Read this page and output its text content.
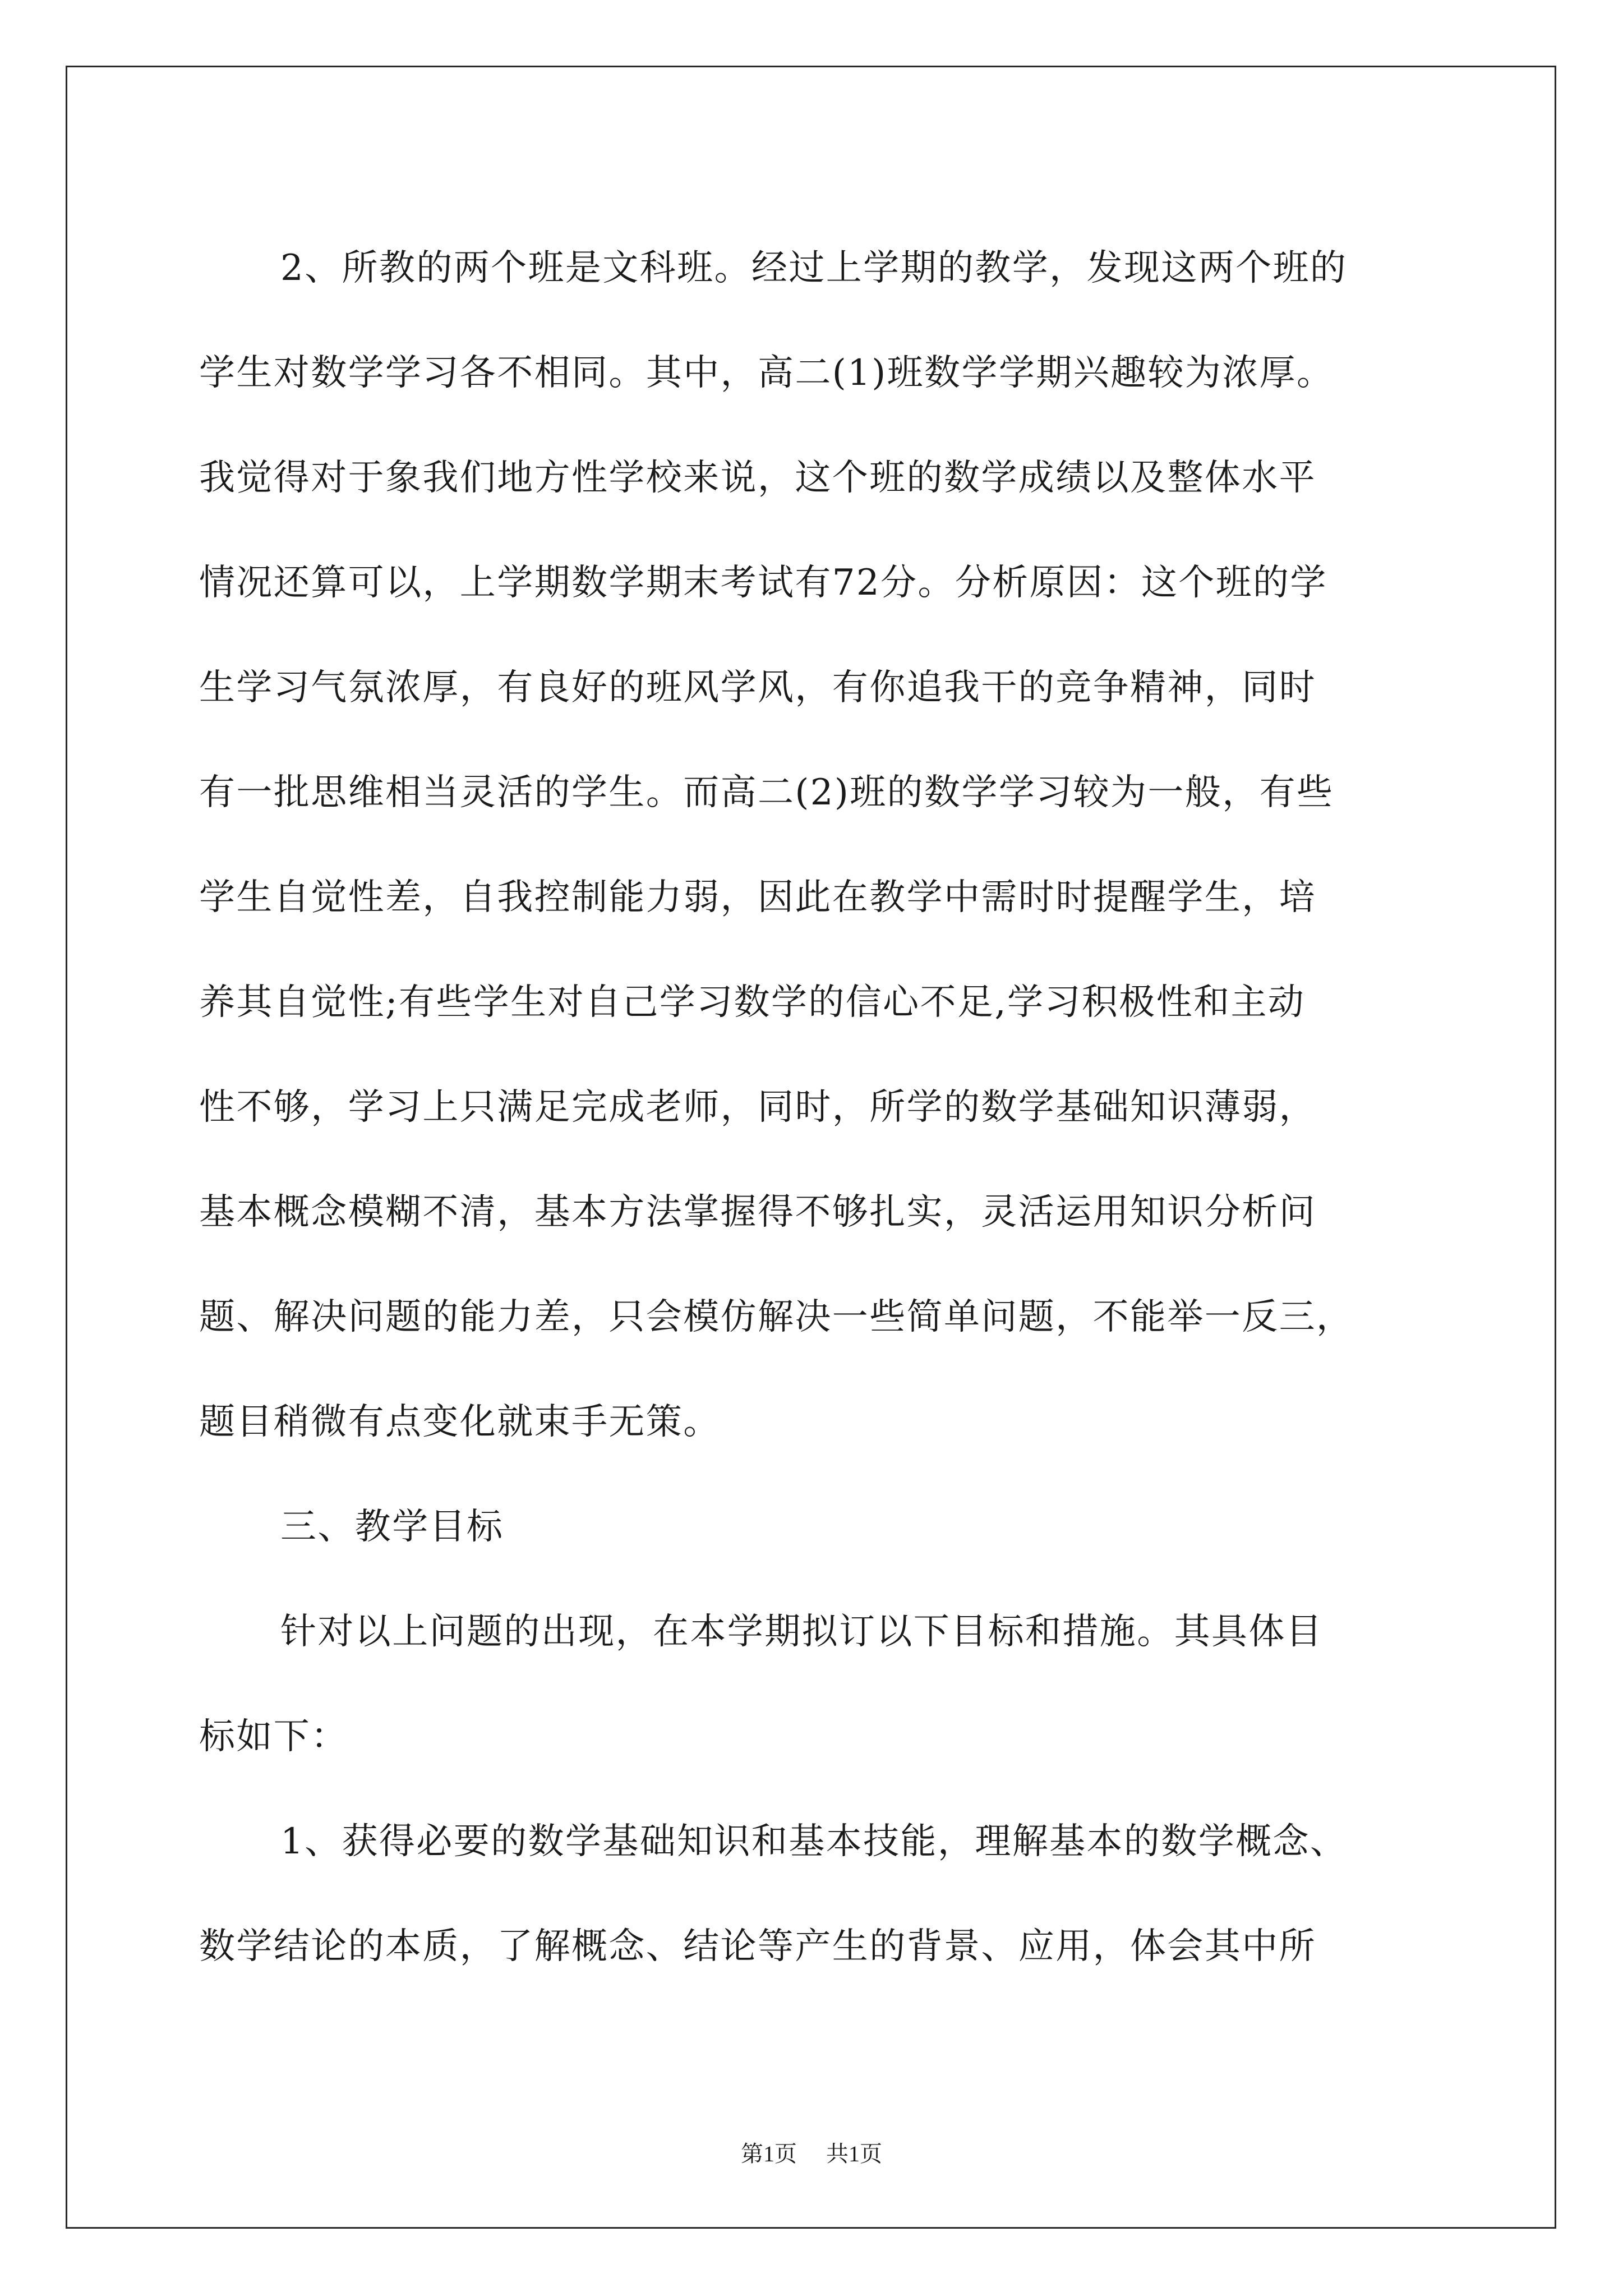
2、所教的两个班是文科班。经过上学期的教学，发现这两个班的
学生对数学学习各不相同。其中，高二(1)班数学学期兴趣较为浓厚。
我觉得对于象我们地方性学校来说，这个班的数学成绩以及整体水平
情况还算可以，上学期数学期末考试有72分。分析原因：这个班的学
生学习气氛浓厚，有良好的班风学风，有你追我干的竞争精神，同时
有一批思维相当灵活的学生。而高二(2)班的数学学习较为一般，有些
学生自觉性差，自我控制能力弱，因此在教学中需时时提醒学生，培
养其自觉性;有些学生对自己学习数学的信心不足,学习积极性和主动
性不够，学习上只满足完成老师，同时，所学的数学基础知识薄弱，
基本概念模糊不清，基本方法掌握得不够扎实，灵活运用知识分析问
题、解决问题的能力差，只会模仿解决一些简单问题，不能举一反三，
题目稍微有点变化就束手无策。
三、教学目标
针对以上问题的出现，在本学期拟订以下目标和措施。其具体目
标如下：
1、获得必要的数学基础知识和基本技能，理解基本的数学概念、
数学结论的本质，了解概念、结论等产生的背景、应用，体会其中所
第1页 共1页
